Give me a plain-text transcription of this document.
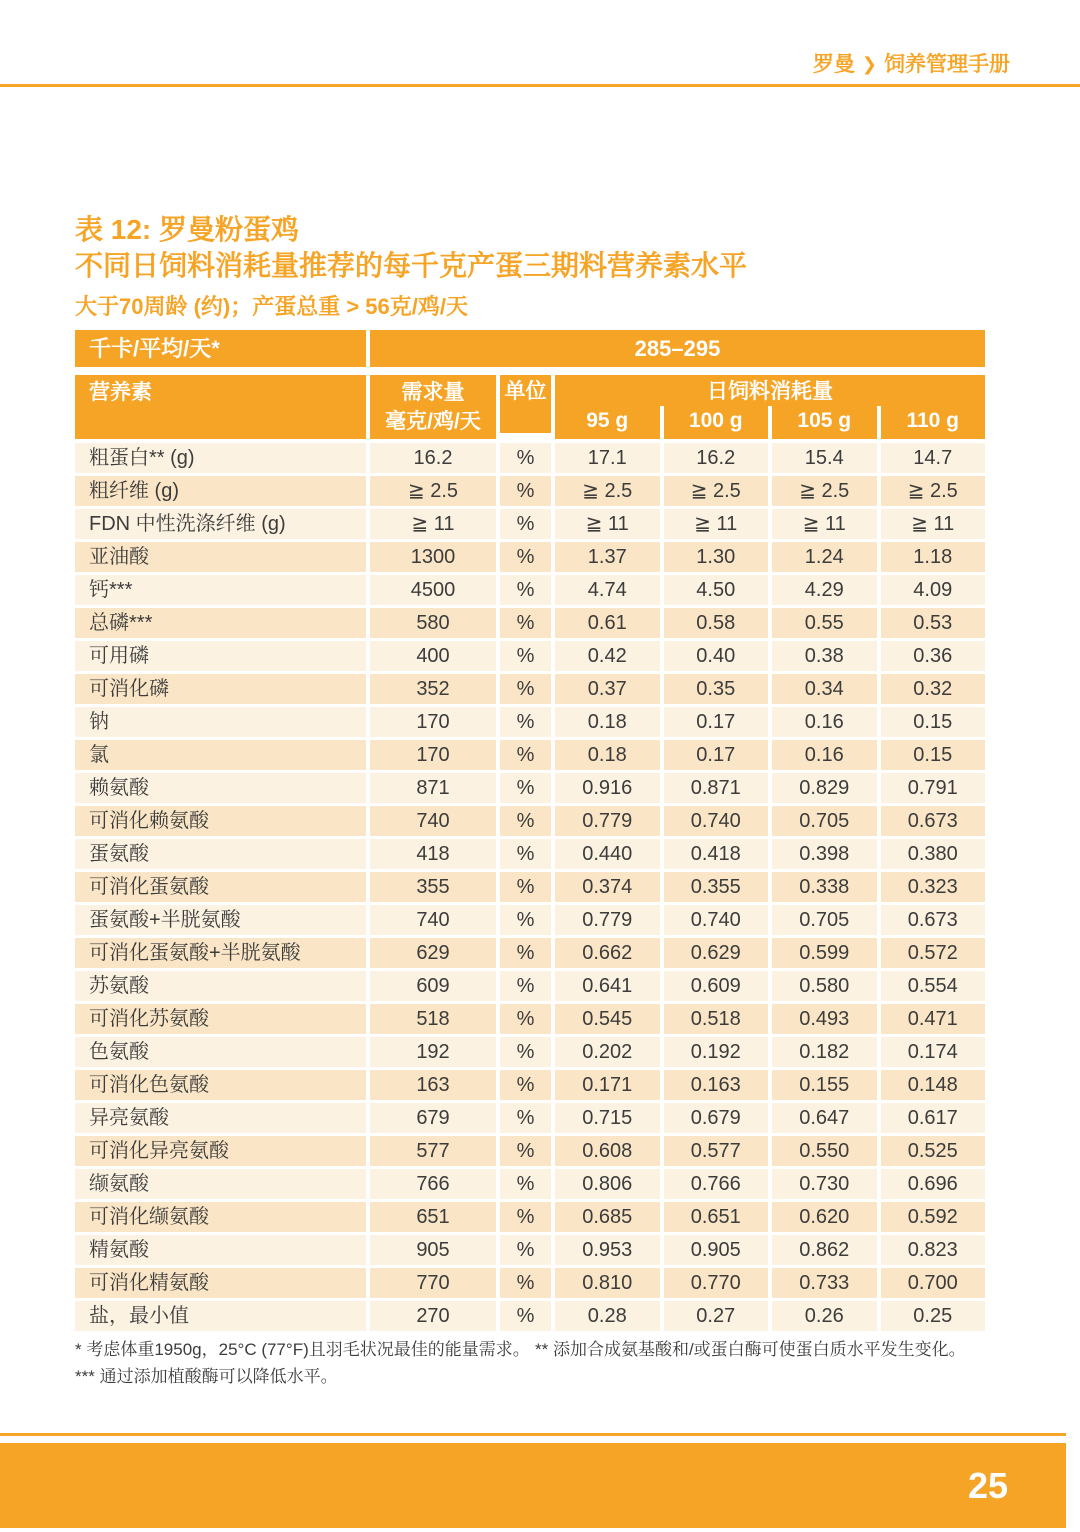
罗曼 ❯ 饲养管理手册
表 12: 罗曼粉蛋鸡
不同日饲料消耗量推荐的每千克产蛋三期料营养素水平
大于70周龄 (约)；产蛋总重 > 56克/鸡/天
千卡/平均/天*	285–295
营养素	需求量
毫克/鸡/天
单位	日饲料消耗量
95 g	100 g	105 g	110 g
粗蛋白** (g)	16.2	%	17.1	16.2	15.4	14.7
粗纤维 (g)	≧ 2.5	%	≧ 2.5	≧ 2.5	≧ 2.5	≧ 2.5
FDN 中性洗涤纤维 (g)	≧ 11	%	≧ 11	≧ 11	≧ 11	≧ 11
亚油酸	1300	%	1.37	1.30	1.24	1.18
钙***	4500	%	4.74	4.50	4.29	4.09
总磷***	580	%	0.61	0.58	0.55	0.53
可用磷	400	%	0.42	0.40	0.38	0.36
可消化磷	352	%	0.37	0.35	0.34	0.32
钠	170	%	0.18	0.17	0.16	0.15
氯	170	%	0.18	0.17	0.16	0.15
赖氨酸	871	%	0.916	0.871	0.829	0.791
可消化赖氨酸	740	%	0.779	0.740	0.705	0.673
蛋氨酸	418	%	0.440	0.418	0.398	0.380
可消化蛋氨酸	355	%	0.374	0.355	0.338	0.323
蛋氨酸+半胱氨酸	740	%	0.779	0.740	0.705	0.673
可消化蛋氨酸+半胱氨酸	629	%	0.662	0.629	0.599	0.572
苏氨酸	609	%	0.641	0.609	0.580	0.554
可消化苏氨酸	518	%	0.545	0.518	0.493	0.471
色氨酸	192	%	0.202	0.192	0.182	0.174
可消化色氨酸	163	%	0.171	0.163	0.155	0.148
异亮氨酸	679	%	0.715	0.679	0.647	0.617
可消化异亮氨酸	577	%	0.608	0.577	0.550	0.525
缬氨酸	766	%	0.806	0.766	0.730	0.696
可消化缬氨酸	651	%	0.685	0.651	0.620	0.592
精氨酸	905	%	0.953	0.905	0.862	0.823
可消化精氨酸	770	%	0.810	0.770	0.733	0.700
盐，最小值	270	%	0.28	0.27	0.26	0.25
* 考虑体重1950g，25°C (77°F)且羽毛状况最佳的能量需求。 ** 添加合成氨基酸和/或蛋白酶可使蛋白质水平发生变化。
*** 通过添加植酸酶可以降低水平。
25
